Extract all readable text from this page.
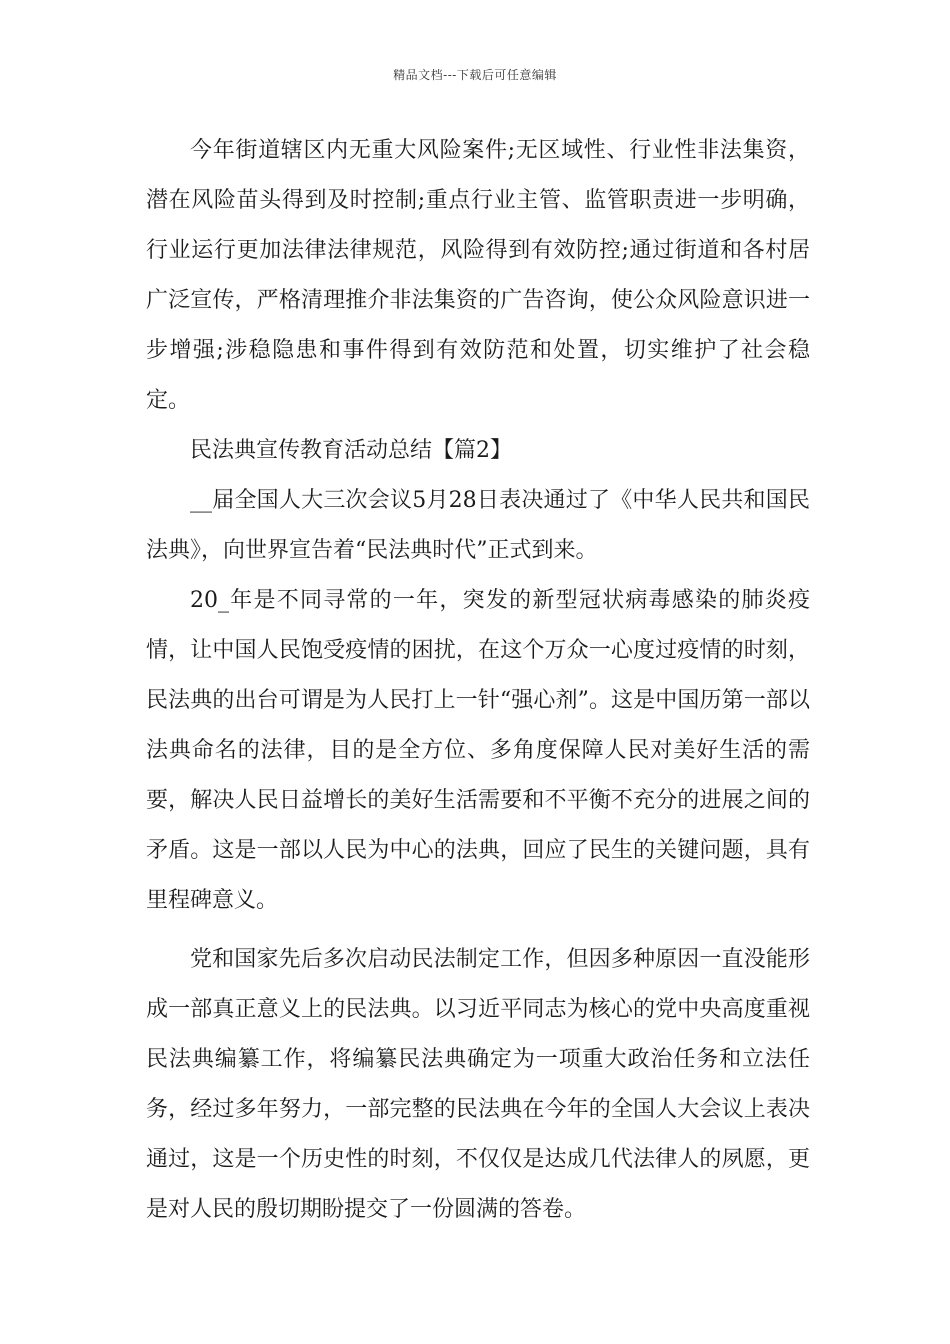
精品文档---下载后可任意编辑

今年街道辖区内无重大风险案件;无区域性、行业性非法集资，潜在风险苗头得到及时控制;重点行业主管、监管职责进一步明确，行业运行更加法律法律规范，风险得到有效防控;通过街道和各村居广泛宣传，严格清理推介非法集资的广告咨询，使公众风险意识进一步增强;涉稳隐患和事件得到有效防范和处置，切实维护了社会稳定。

民法典宣传教育活动总结【篇2】

__届全国人大三次会议5月28日表决通过了《中华人民共和国民法典》，向世界宣告着“民法典时代”正式到来。

20_年是不同寻常的一年，突发的新型冠状病毒感染的肺炎疫情，让中国人民饱受疫情的困扰，在这个万众一心度过疫情的时刻，民法典的出台可谓是为人民打上一针“强心剂”。这是中国历第一部以法典命名的法律，目的是全方位、多角度保障人民对美好生活的需要，解决人民日益增长的美好生活需要和不平衡不充分的进展之间的矛盾。这是一部以人民为中心的法典，回应了民生的关键问题，具有里程碑意义。

党和国家先后多次启动民法制定工作，但因多种原因一直没能形成一部真正意义上的民法典。以习近平同志为核心的党中央高度重视民法典编纂工作，将编纂民法典确定为一项重大政治任务和立法任务，经过多年努力，一部完整的民法典在今年的全国人大会议上表决通过，这是一个历史性的时刻，不仅仅是达成几代法律人的夙愿，更是对人民的殷切期盼提交了一份圆满的答卷。
